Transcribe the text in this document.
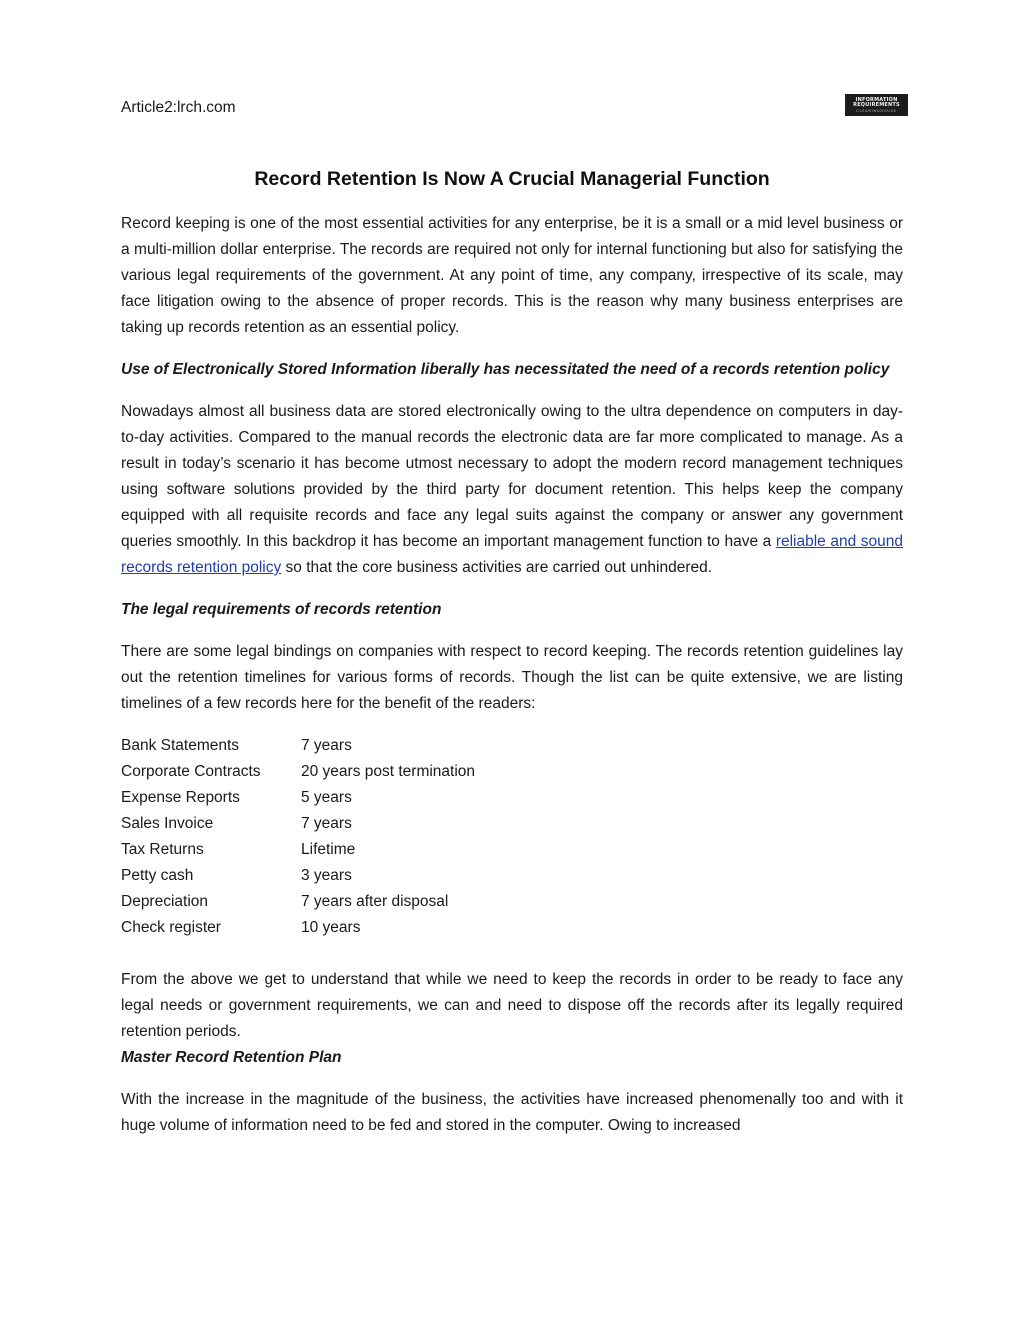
Article2:lrch.com	INFORMATION
REQUIREMENTS
CLEARINGHOUSE
Record Retention Is Now A Crucial Managerial Function

Record keeping is one of the most essential activities for any enterprise, be it is a small or a mid level business or a multi-million dollar enterprise. The records are required not only for internal functioning but also for satisfying the various legal requirements of the government. At any point of time, any company, irrespective of its scale, may face litigation owing to the absence of proper records. This is the reason why many business enterprises are taking up records retention as an essential policy.

Use of Electronically Stored Information liberally has necessitated the need of a records retention policy

Nowadays almost all business data are stored electronically owing to the ultra dependence on computers in day-to-day activities. Compared to the manual records the electronic data are far more complicated to manage. As a result in today’s scenario it has become utmost necessary to adopt the modern record management techniques using software solutions provided by the third party for document retention. This helps keep the company equipped with all requisite records and face any legal suits against the company or answer any government queries smoothly. In this backdrop it has become an important management function to have a reliable and sound records retention policy so that the core business activities are carried out unhindered.

The legal requirements of records retention

There are some legal bindings on companies with respect to record keeping. The records retention guidelines lay out the retention timelines for various forms of records. Though the list can be quite extensive, we are listing timelines of a few records here for the benefit of the readers:

Bank Statements	7 years
Corporate Contracts	20 years post termination
Expense Reports	5 years
Sales Invoice	7 years
Tax Returns	Lifetime
Petty cash	3 years
Depreciation	7 years after disposal
Check register	10 years

From the above we get to understand that while we need to keep the records in order to be ready to face any legal needs or government requirements, we can and need to dispose off the records after its legally required retention periods.

Master Record Retention Plan

With the increase in the magnitude of the business, the activities have increased phenomenally too and with it huge volume of information need to be fed and stored in the computer. Owing to increased
